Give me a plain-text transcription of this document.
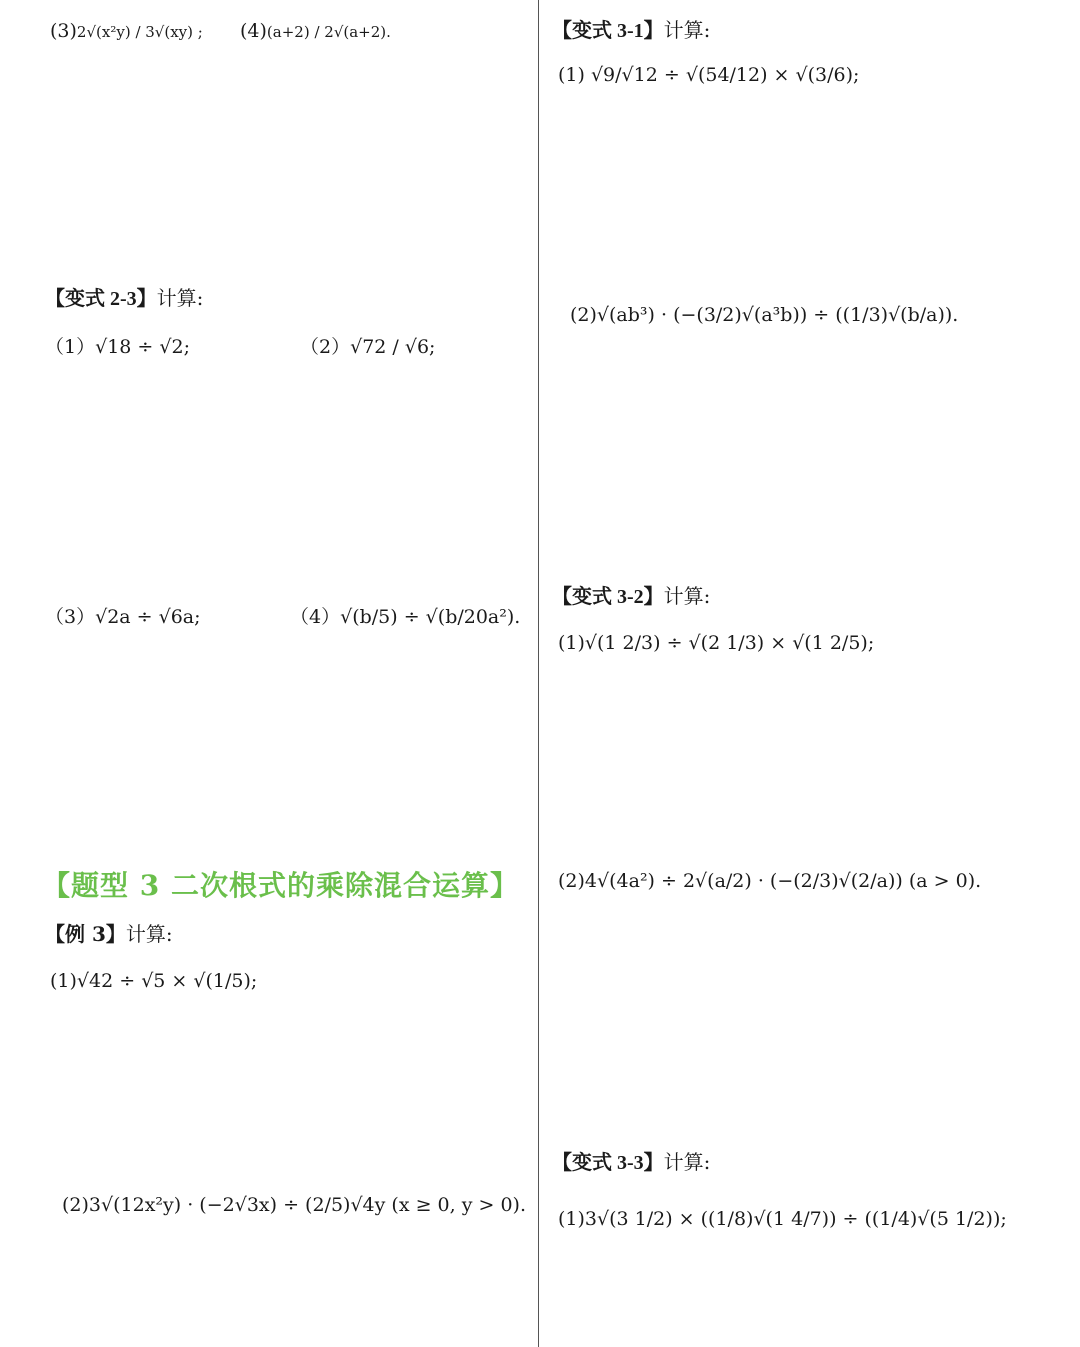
(3)2√(x²y) / 3√(xy) ; (4)(a+2) / 2√(a+2).
【变式 2-3】计算:
（1）√18 ÷ √2;	（2）√72 / √6;
（3）√2a ÷ √6a;	（4）√(b/5) ÷ √(b/20a²).
【题型 3 二次根式的乘除混合运算】
【例 3】计算:
(1)√42 ÷ √5 × √(1/5);
(2)3√(12x²y) · (−2√3x) ÷ (2/5)√4y (x ≥ 0, y > 0).
【变式 3-1】计算:
(1) √9/√12 ÷ √(54/12) × √(3/6);
(2)√(ab³) · (−(3/2)√(a³b)) ÷ ((1/3)√(b/a)).
【变式 3-2】计算:
(1)√(1 2/3) ÷ √(2 1/3) × √(1 2/5);
(2)4√(4a²) ÷ 2√(a/2) · (−(2/3)√(2/a)) (a > 0).
【变式 3-3】计算:
(1)3√(3 1/2) × ((1/8)√(1 4/7)) ÷ ((1/4)√(5 1/2));
